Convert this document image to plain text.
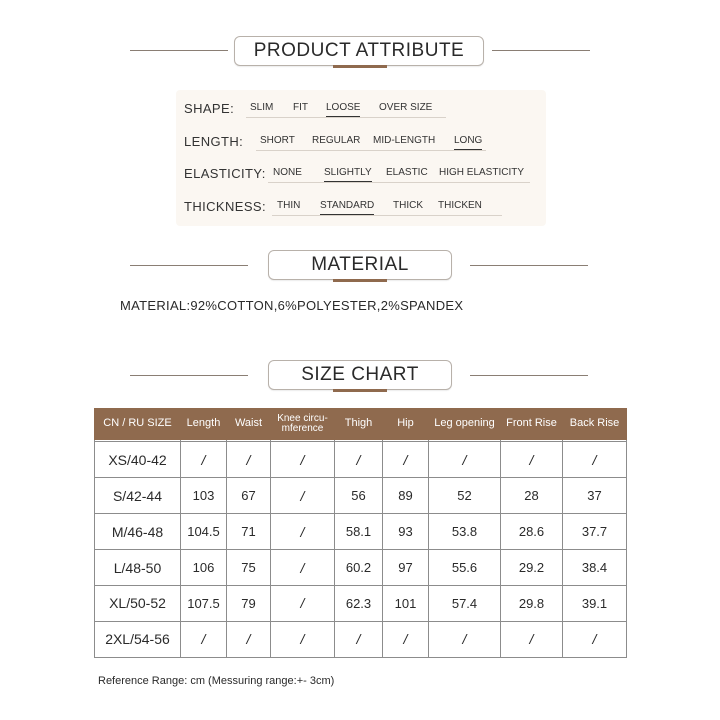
PRODUCT ATTRIBUTE
SHAPE: SLIM FIT LOOSE OVER SIZE
LENGTH: SHORT REGULAR MID-LENGTH LONG
ELASTICITY: NONE SLIGHTLY ELASTIC HIGH ELASTICITY
THICKNESS: THIN STANDARD THICK THICKEN
MATERIAL
MATERIAL:92%COTTON,6%POLYESTER,2%SPANDEX
SIZE CHART
CN / RU SIZE	Length	Waist	Knee circu-mference	Thigh	Hip	Leg opening	Front Rise	Back Rise

XS/40-42	/	/	/	/	/	/	/	/
S/42-44	103	67	/	56	89	52	28	37
M/46-48	104.5	71	/	58.1	93	53.8	28.6	37.7
L/48-50	106	75	/	60.2	97	55.6	29.2	38.4
XL/50-52	107.5	79	/	62.3	101	57.4	29.8	39.1
2XL/54-56	/	/	/	/	/	/	/	/
Reference Range: cm (Messuring range:+- 3cm)
